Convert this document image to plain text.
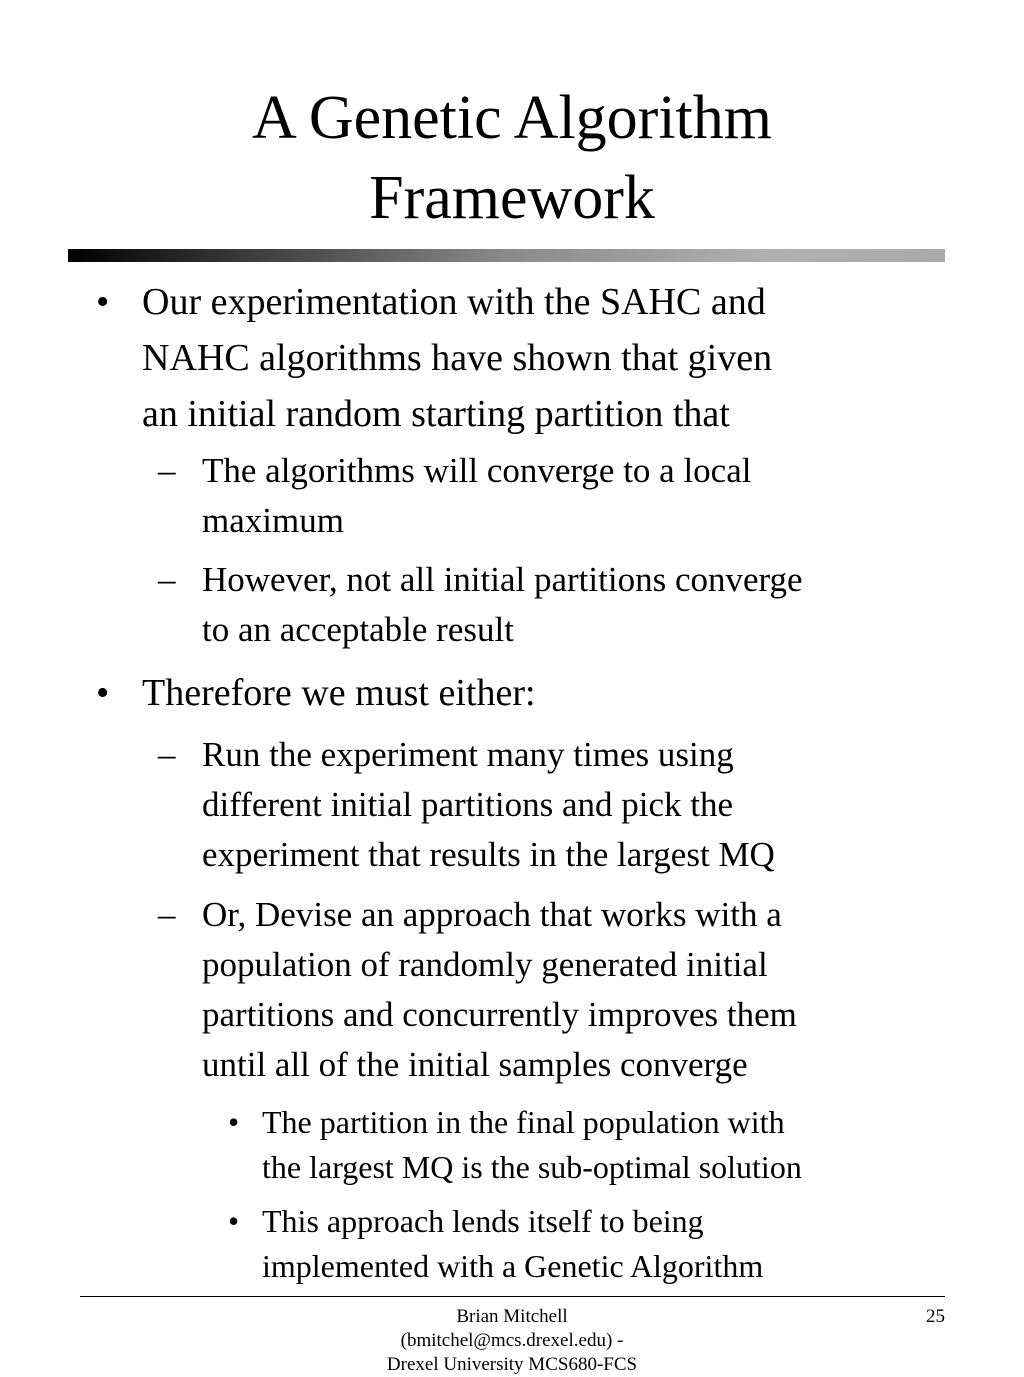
A Genetic Algorithm
Framework
• Our experimentation with the SAHC and
NAHC algorithms have shown that given
an initial random starting partition that
– The algorithms will converge to a local
maximum
– However, not all initial partitions converge
to an acceptable result
• Therefore we must either:
– Run the experiment many times using
different initial partitions and pick the
experiment that results in the largest MQ
– Or, Devise an approach that works with a
population of randomly generated initial
partitions and concurrently improves them
until all of the initial samples converge
• The partition in the final population with
the largest MQ is the sub-optimal solution
• This approach lends itself to being
implemented with a Genetic Algorithm
Brian Mitchell
(bmitchel@mcs.drexel.edu) -
Drexel University MCS680-FCS
25
